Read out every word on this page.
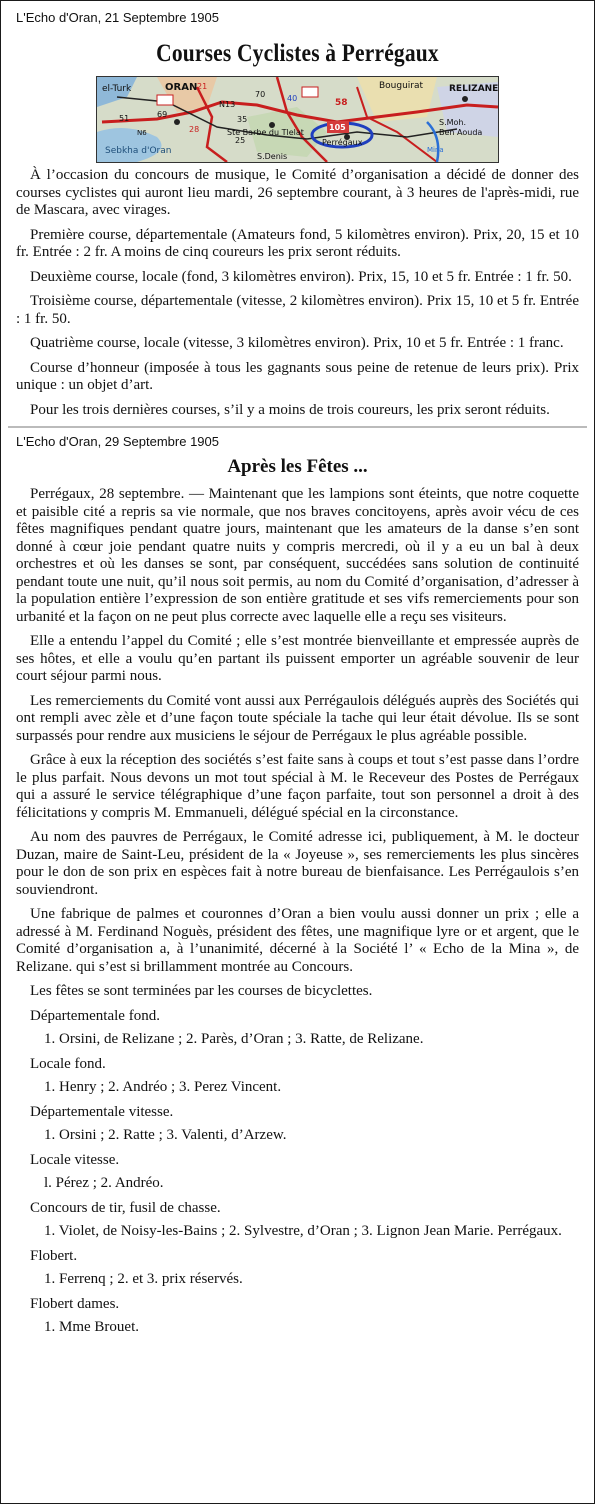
L'Echo d'Oran, 21 Septembre 1905
Courses Cyclistes à Perrégaux
el-Turk	ORAN	Bouguirat	RELIZANE
Sebkha d'Oran
Ste Barbe du Tlelat
Perrégaux
S.Denis
Ben Aouda
S.Moh.
Mina
21
N13
40	58
69
51
28	105
35
25
70
N6

À l’occasion du concours de musique, le Comité d’organisation a décidé de donner des courses cyclistes qui auront lieu mardi, 26 septembre courant, à 3 heures de l'après-midi, rue de Mascara, avec virages.

Première course, départementale (Amateurs fond, 5 kilomètres environ). Prix, 20, 15 et 10 fr. Entrée : 2 fr. A moins de cinq coureurs les prix seront réduits.

Deuxième course, locale (fond, 3 kilomètres environ). Prix, 15, 10 et 5 fr. Entrée : 1 fr. 50.

Troisième course, départementale (vitesse, 2 kilomètres environ). Prix 15, 10 et 5 fr. Entrée : 1 fr. 50.

Quatrième course, locale (vitesse, 3 kilomètres environ). Prix, 10 et 5 fr. Entrée : 1 franc.

Course d’honneur (imposée à tous les gagnants sous peine de retenue de leurs prix). Prix unique : un objet d’art.

Pour les trois dernières courses, s’il y a moins de trois coureurs, les prix seront réduits.

L'Echo d'Oran, 29 Septembre 1905
Après les Fêtes ...

Perrégaux, 28 septembre. — Maintenant que les lampions sont éteints, que notre coquette et paisible cité a repris sa vie normale, que nos braves concitoyens, après avoir vécu de ces fêtes magnifiques pendant quatre jours, maintenant que les amateurs de la danse s’en sont donné à cœur joie pendant quatre nuits y compris mercredi, où il y a eu un bal à deux orchestres et où les danses se sont, par conséquent, succédées sans solution de continuité pendant toute une nuit, qu’il nous soit permis, au nom du Comité d’organisation, d’adresser à la population entière l’expression de son entière gratitude et ses vifs remerciements pour son urbanité et la façon on ne peut plus correcte avec laquelle elle a reçu ses visiteurs.

Elle a entendu l’appel du Comité ; elle s’est montrée bienveillante et empressée auprès de ses hôtes, et elle a voulu qu’en partant ils puissent emporter un agréable souvenir de leur court séjour parmi nous.

Les remerciements du Comité vont aussi aux Perrégaulois délégués auprès des Sociétés qui ont rempli avec zèle et d’une façon toute spéciale la tache qui leur était dévolue. Ils se sont surpassés pour rendre aux musiciens le séjour de Perrégaux le plus agréable possible.

Grâce à eux la réception des sociétés s’est faite sans à coups et tout s’est passe dans l’ordre le plus parfait. Nous devons un mot tout spécial à M. le Receveur des Postes de Perrégaux qui a assuré le service télégraphique d’une façon parfaite, tout son personnel a droit à des félicitations y compris M. Emmanueli, délégué spécial en la circonstance.

Au nom des pauvres de Perrégaux, le Comité adresse ici, publiquement, à M. le docteur Duzan, maire de Saint-Leu, président de la « Joyeuse », ses remerciements les plus sincères pour le don de son prix en espèces fait à notre bureau de bienfaisance. Les Perrégaulois s’en souviendront.

Une fabrique de palmes et couronnes d’Oran a bien voulu aussi donner un prix ; elle a adressé à M. Ferdinand Noguès, président des fêtes, une magnifique lyre or et argent, que le Comité d’organisation a, à l’unanimité, décerné à la Société l’ « Echo de la Mina », de Relizane. qui s’est si brillamment montrée au Concours.

Les fêtes se sont terminées par les courses de bicyclettes.

Départementale fond.
1. Orsini, de Relizane ; 2. Parès, d’Oran ; 3. Ratte, de Relizane.
Locale fond.
1. Henry ; 2. Andréo ; 3. Perez Vincent.
Départementale vitesse.
1. Orsini ; 2. Ratte ; 3. Valenti, d’Arzew.
Locale vitesse.
l. Pérez ; 2. Andréo.
Concours de tir, fusil de chasse.
1. Violet, de Noisy-les-Bains ; 2. Sylvestre, d’Oran ; 3. Lignon Jean Marie. Perrégaux.
Flobert.
1. Ferrenq ; 2. et 3. prix réservés.
Flobert dames.
1. Mme Brouet.
